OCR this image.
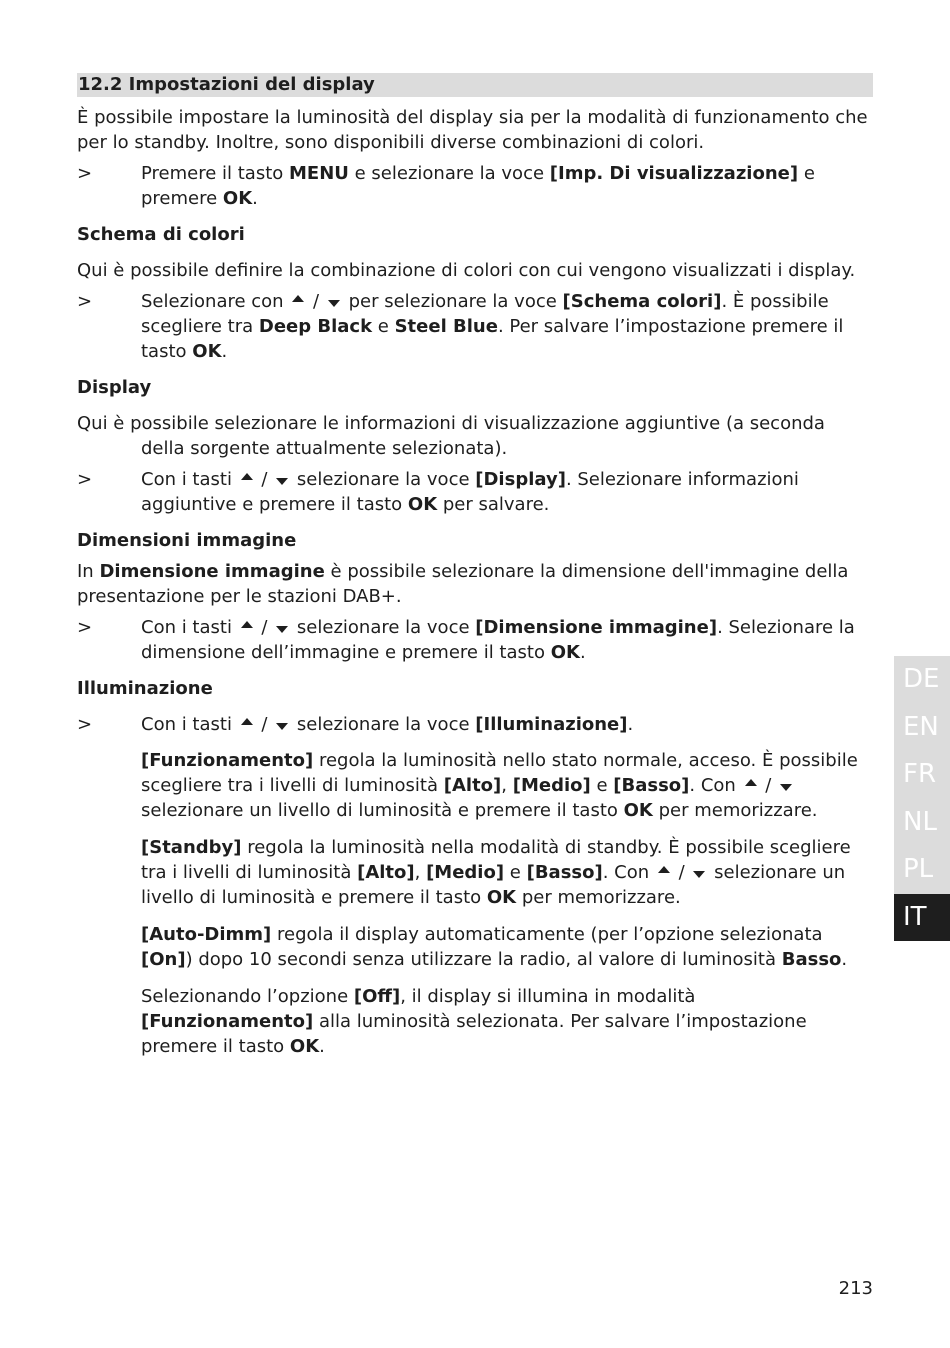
12.2 Impostazioni del display

È possibile impostare la luminosità del display sia per la modalità di funzionamento che per lo standby. Inoltre, sono disponibili diverse combinazioni di colori.

>	Premere il tasto MENU e selezionare la voce [Imp. Di visualizzazione] e premere OK.
Schema di colori

Qui è possibile definire la combinazione di colori con cui vengono visualizzati i display.

>	Selezionare con  /  per selezionare la voce [Schema colori]. È possibile scegliere tra Deep Black e Steel Blue. Per salvare l’impostazione premere il tasto OK.
Display

Qui è possibile selezionare le informazioni di visualizzazione aggiuntive (a seconda della sorgente attualmente selezionata).

>	Con i tasti  /  selezionare la voce [Display]. Selezionare informazioni aggiuntive e premere il tasto OK per salvare.
Dimensioni immagine

In Dimensione immagine è possibile selezionare la dimensione dell'immagine della presentazione per le stazioni DAB+.

>	Con i tasti  /  selezionare la voce [Dimensione immagine]. Selezionare la dimensione dell’immagine e premere il tasto OK.
Illuminazione
>	Con i tasti  /  selezionare la voce [Illuminazione].

[Funzionamento] regola la luminosità nello stato normale, acceso. È possibile scegliere tra i livelli di luminosità [Alto], [Medio] e [Basso]. Con  /  selezionare un livello di luminosità e premere il tasto OK per memorizzare.

[Standby] regola la luminosità nella modalità di standby. È possibile scegliere tra i livelli di luminosità [Alto], [Medio] e [Basso]. Con  /  selezionare un livello di luminosità e premere il tasto OK per memorizzare.

[Auto-Dimm] regola il display automaticamente (per l’opzione selezionata [On]) dopo 10 secondi senza utilizzare la radio, al valore di luminosità Basso.

Selezionando l’opzione [Off], il display si illumina in modalità [Funzionamento] alla luminosità selezionata. Per salvare l’impostazione premere il tasto OK.

DE
EN
FR
NL
PL
IT
213
